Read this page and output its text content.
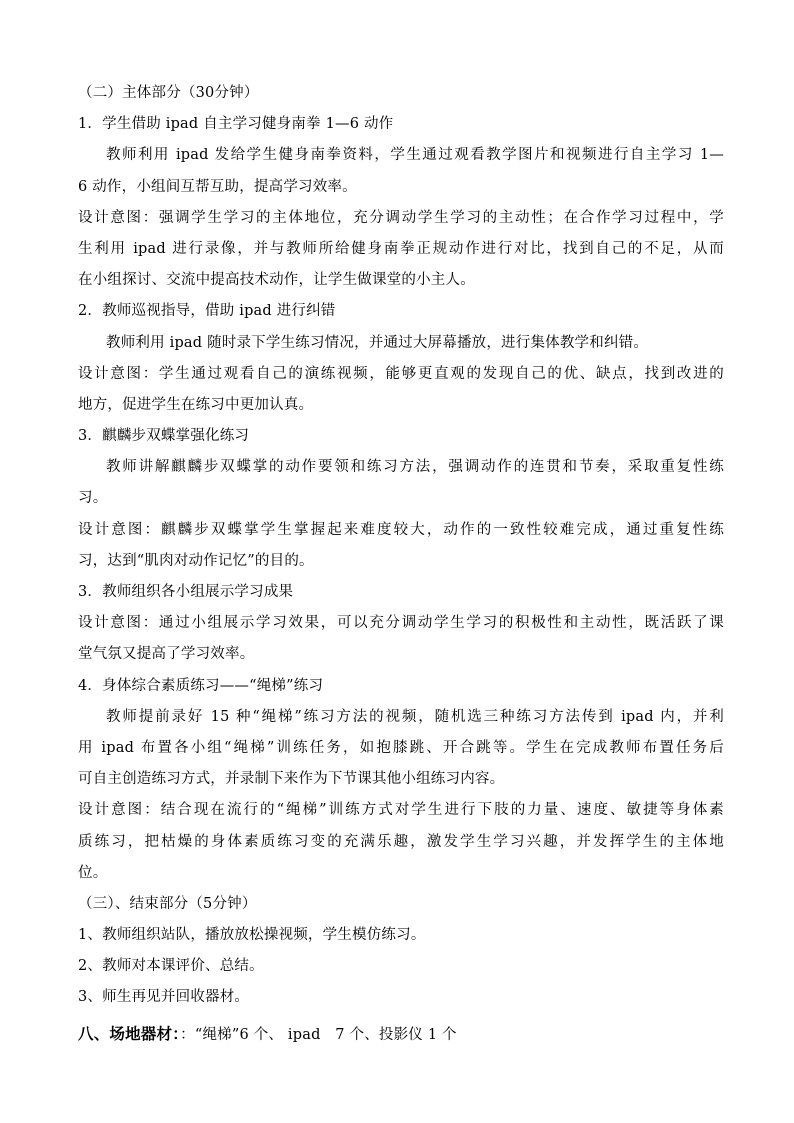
（二）主体部分（30分钟）
1．学生借助 ipad 自主学习健身南拳 1—6 动作
教师利用 ipad 发给学生健身南拳资料，学生通过观看教学图片和视频进行自主学习 1—
6 动作，小组间互帮互助，提高学习效率。
设计意图：强调学生学习的主体地位，充分调动学生学习的主动性；在合作学习过程中，学
生利用 ipad 进行录像，并与教师所给健身南拳正规动作进行对比，找到自己的不足，从而
在小组探讨、交流中提高技术动作，让学生做课堂的小主人。
2．教师巡视指导，借助 ipad 进行纠错
教师利用 ipad 随时录下学生练习情况，并通过大屏幕播放，进行集体教学和纠错。
设计意图：学生通过观看自己的演练视频，能够更直观的发现自己的优、缺点，找到改进的
地方，促进学生在练习中更加认真。
3．麒麟步双蝶掌强化练习
教师讲解麒麟步双蝶掌的动作要领和练习方法，强调动作的连贯和节奏，采取重复性练
习。
设计意图：麒麟步双蝶掌学生掌握起来难度较大，动作的一致性较难完成，通过重复性练
习，达到“肌肉对动作记忆”的目的。
3．教师组织各小组展示学习成果
设计意图：通过小组展示学习效果，可以充分调动学生学习的积极性和主动性，既活跃了课
堂气氛又提高了学习效率。
4．身体综合素质练习——“绳梯”练习
教师提前录好 15 种“绳梯”练习方法的视频，随机选三种练习方法传到 ipad 内，并利
用 ipad 布置各小组“绳梯”训练任务，如抱膝跳、开合跳等。学生在完成教师布置任务后
可自主创造练习方式，并录制下来作为下节课其他小组练习内容。
设计意图：结合现在流行的“绳梯”训练方式对学生进行下肢的力量、速度、敏捷等身体素
质练习，把枯燥的身体素质练习变的充满乐趣，激发学生学习兴趣，并发挥学生的主体地
位。
（三）、结束部分（5分钟）
1、教师组织站队，播放放松操视频，学生模仿练习。
2、教师对本课评价、总结。
3、师生再见并回收器材。
八、场地器材：：“绳梯”6 个、 ipad　7 个、投影仪 1 个
